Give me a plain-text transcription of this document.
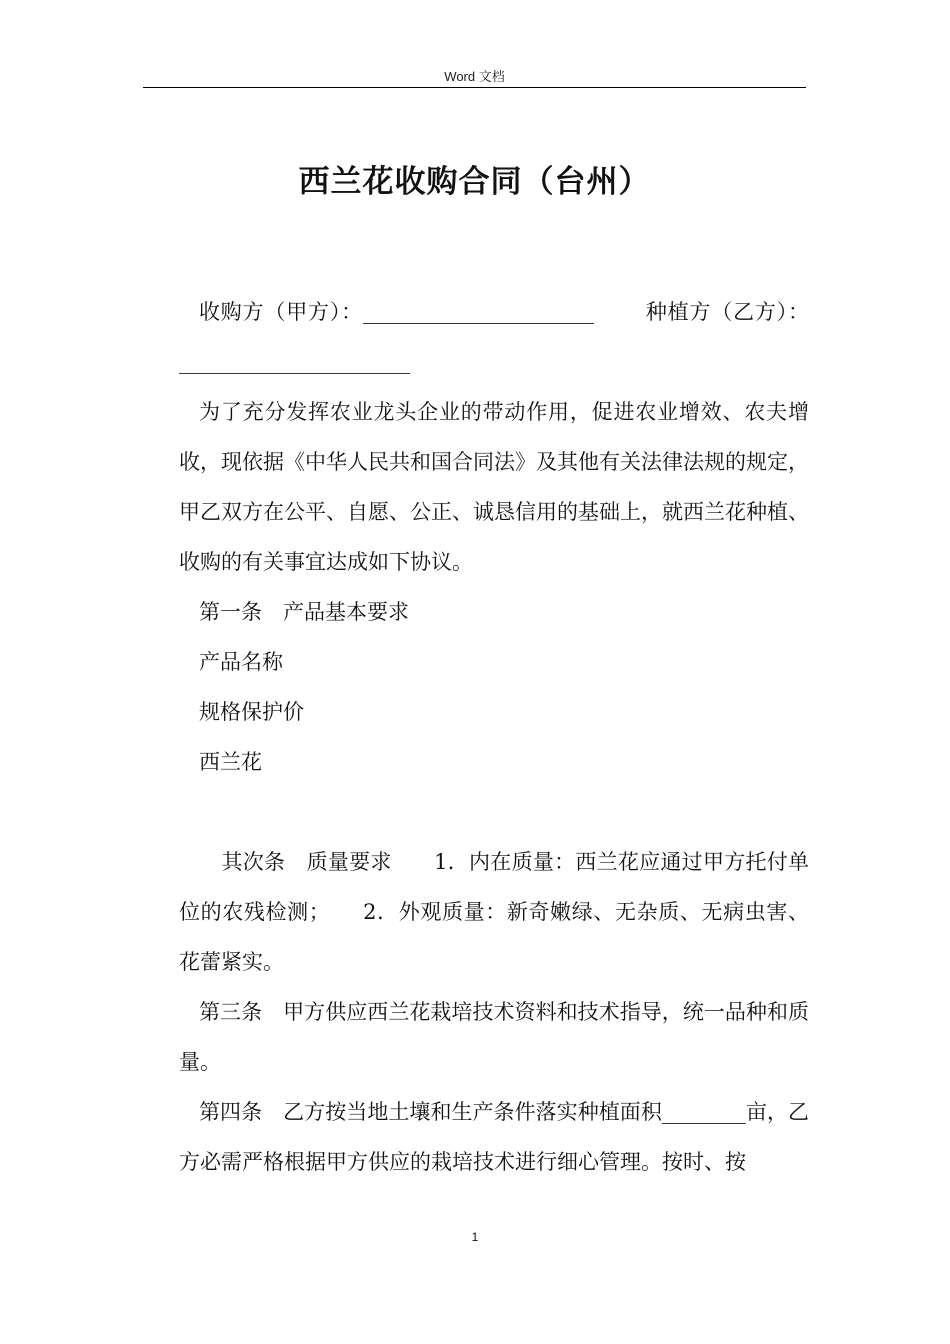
Word 文档
西兰花收购合同（台州）

收购方（甲方）：______________________　　 种植方（乙方）：______________________

为了充分发挥农业龙头企业的带动作用，促进农业增效、农夫增收，现依据《中华人民共和国合同法》及其他有关法律法规的规定，甲乙双方在公平、自愿、公正、诚恳信用的基础上，就西兰花种植、收购的有关事宜达成如下协议。

第一条　产品基本要求

产品名称

规格保护价

西兰花

　　其次条　质量要求　　1．内在质量：西兰花应通过甲方托付单位的农残检测；　　2．外观质量：新奇嫩绿、无杂质、无病虫害、花蕾紧实。

第三条　甲方供应西兰花栽培技术资料和技术指导，统一品种和质量。

第四条　乙方按当地土壤和生产条件落实种植面积________亩，乙方必需严格根据甲方供应的栽培技术进行细心管理。按时、按

1
